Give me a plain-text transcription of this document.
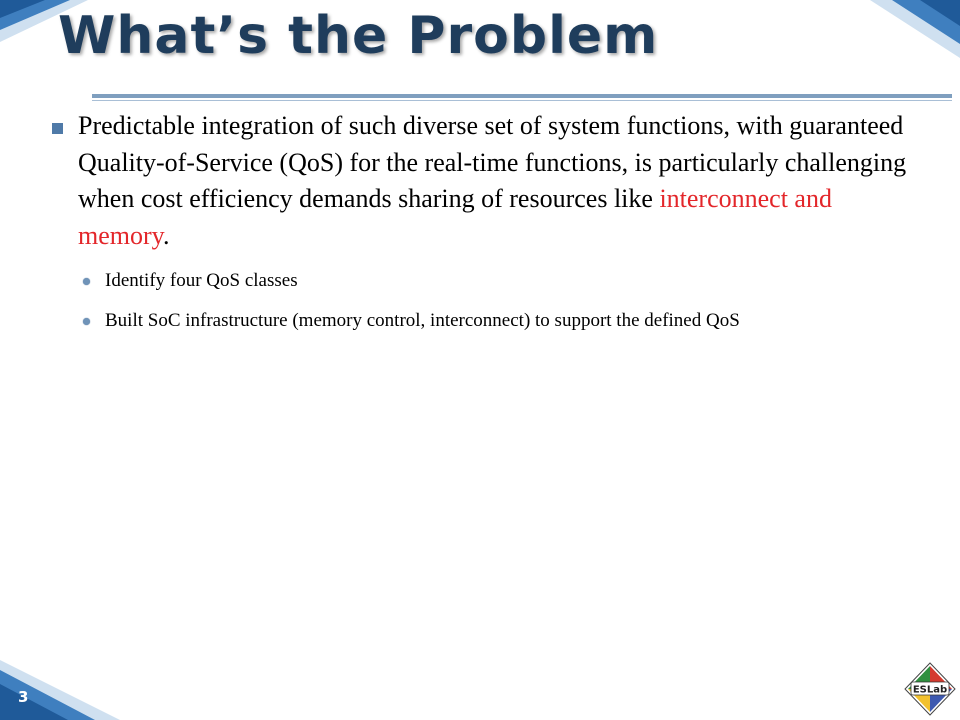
What’s the Problem

Predictable integration of such diverse set of system functions, with guaranteed Quality-of-Service (QoS) for the real-time functions, is particularly challenging when cost efficiency demands sharing of resources like interconnect and memory.

Identify four QoS classes

Built SoC infrastructure (memory control, interconnect) to support the defined QoS

3	ESLab
